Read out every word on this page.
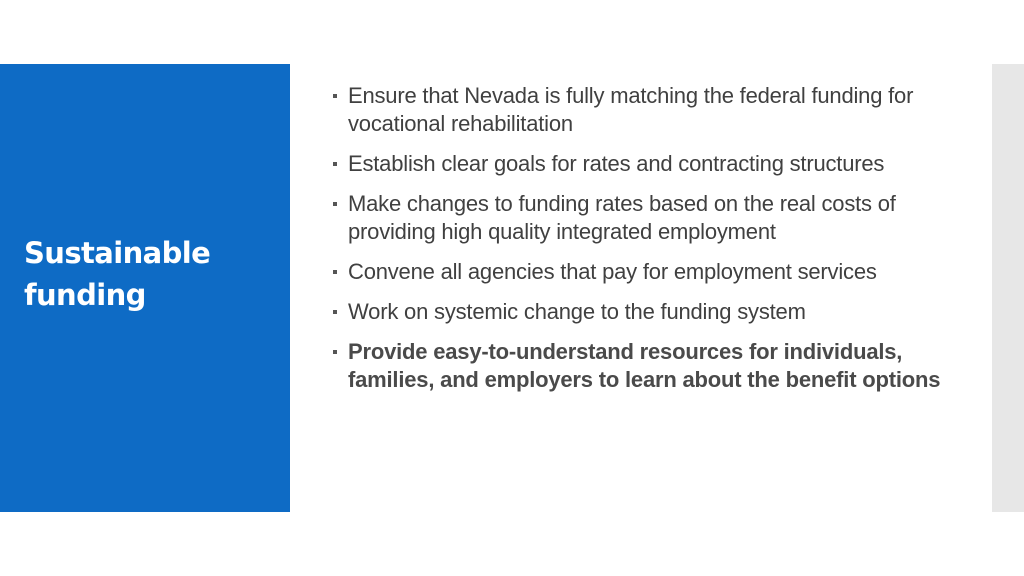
Sustainable
funding
Ensure that Nevada is fully matching the federal funding for vocational rehabilitation
Establish clear goals for rates and contracting structures
Make changes to funding rates based on the real costs of providing high quality integrated employment
Convene all agencies that pay for employment services
Work on systemic change to the funding system
Provide easy-to-understand resources for individuals, families, and employers to learn about the benefit options
